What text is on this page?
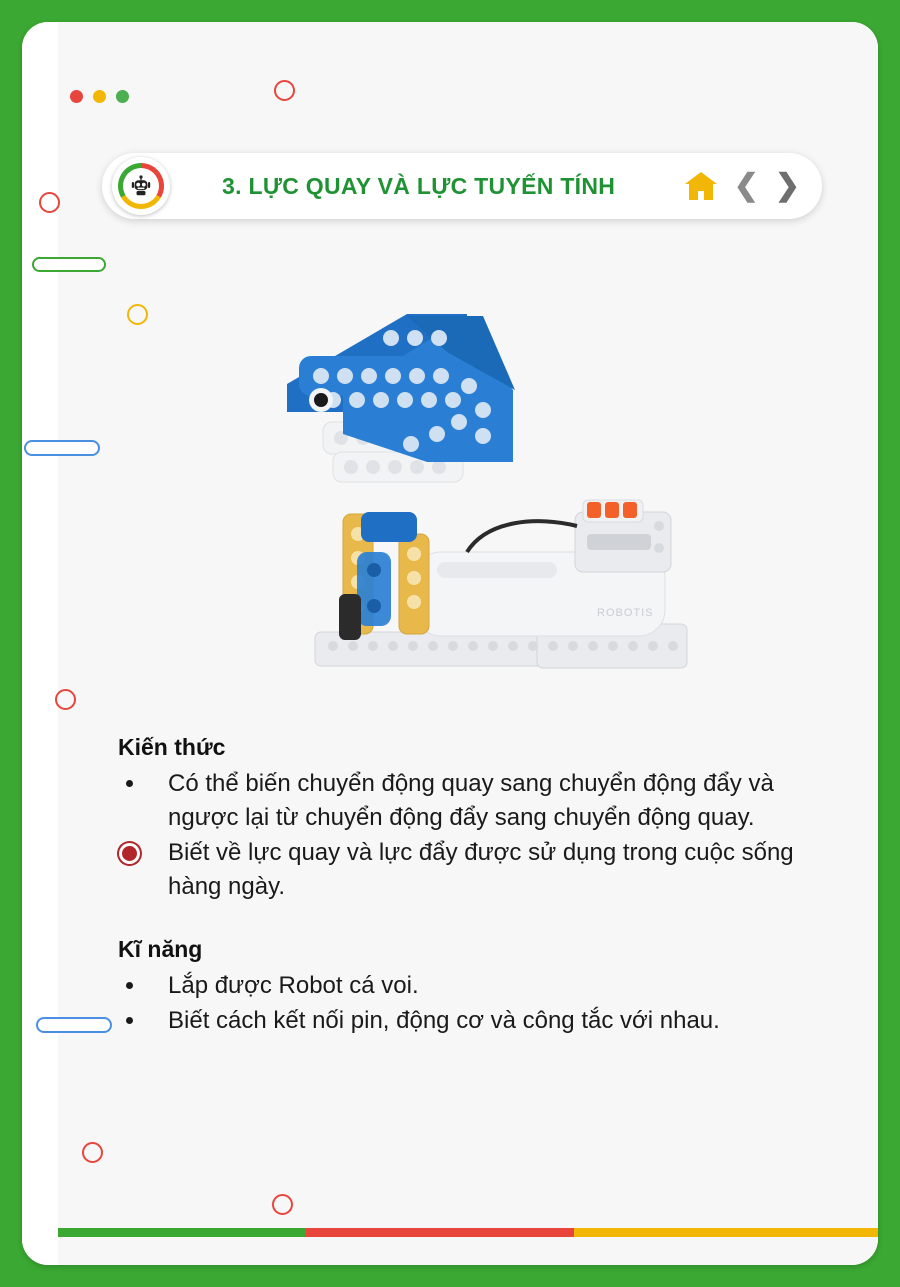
3. LỰC QUAY VÀ LỰC TUYẾN TÍNH	❮ ❯
ROBOTIS
Kiến thức
Có thể biến chuyển động quay sang chuyển động đẩy và ngược lại từ chuyển động đẩy sang chuyển động quay.
Biết về lực quay và lực đẩy được sử dụng trong cuộc sống hàng ngày.
Kĩ năng
Lắp được Robot cá voi.
Biết cách kết nối pin, động cơ và công tắc với nhau.
